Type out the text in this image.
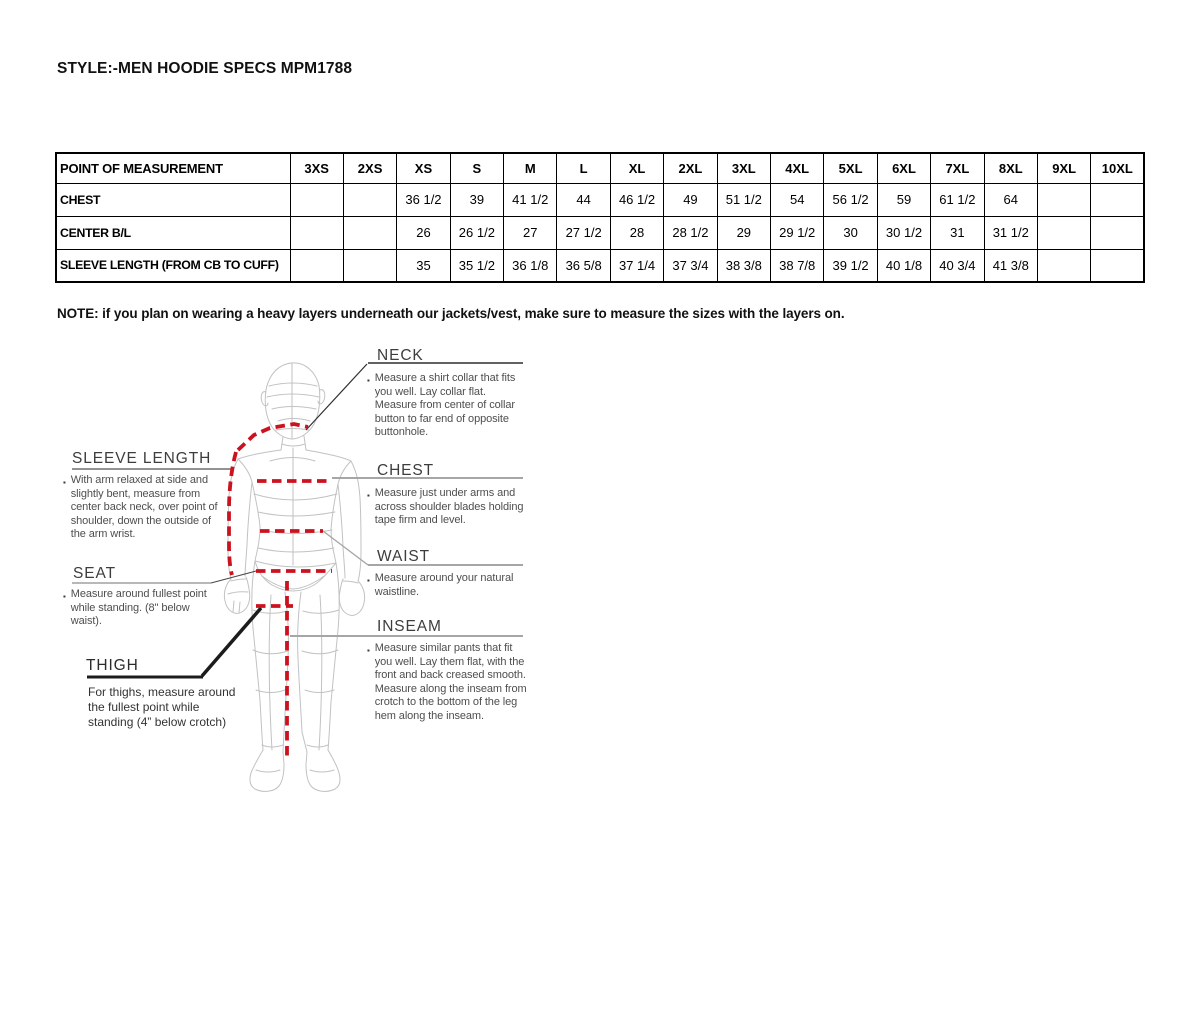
STYLE:-MEN HOODIE SPECS MPM1788
POINT OF MEASUREMENT	3XS	2XS	XS	S	M	L	XL	2XL	3XL	4XL	5XL	6XL	7XL	8XL	9XL	10XL
CHEST			36 1/2	39	41 1/2	44	46 1/2	49	51 1/2	54	56 1/2	59	61 1/2	64		
CENTER B/L			26	26 1/2	27	27 1/2	28	28 1/2	29	29 1/2	30	30 1/2	31	31 1/2		
SLEEVE LENGTH (FROM CB TO CUFF)			35	35 1/2	36 1/8	36 5/8	37 1/4	37 3/4	38 3/8	38 7/8	39 1/2	40 1/8	40 3/4	41 3/8		
NOTE: if you plan on wearing a heavy layers underneath our jackets/vest, make sure to measure the sizes with the layers on.
NECK
▪ Measure a shirt collar that fits you well. Lay collar flat. Measure from center of collar button to far end of opposite buttonhole.
CHEST
▪ Measure just under arms and across shoulder blades holding tape firm and level.
WAIST
▪ Measure around your natural waistline.
INSEAM
▪ Measure similar pants that fit you well. Lay them flat, with the front and back creased smooth. Measure along the inseam from crotch to the bottom of the leg hem along the inseam.
SLEEVE LENGTH
▪ With arm relaxed at side and slightly bent, measure from center back neck, over point of shoulder, down the outside of the arm wrist.
SEAT
▪ Measure around fullest point while standing. (8" below waist).
THIGH
For thighs, measure around the fullest point while standing (4” below crotch)
